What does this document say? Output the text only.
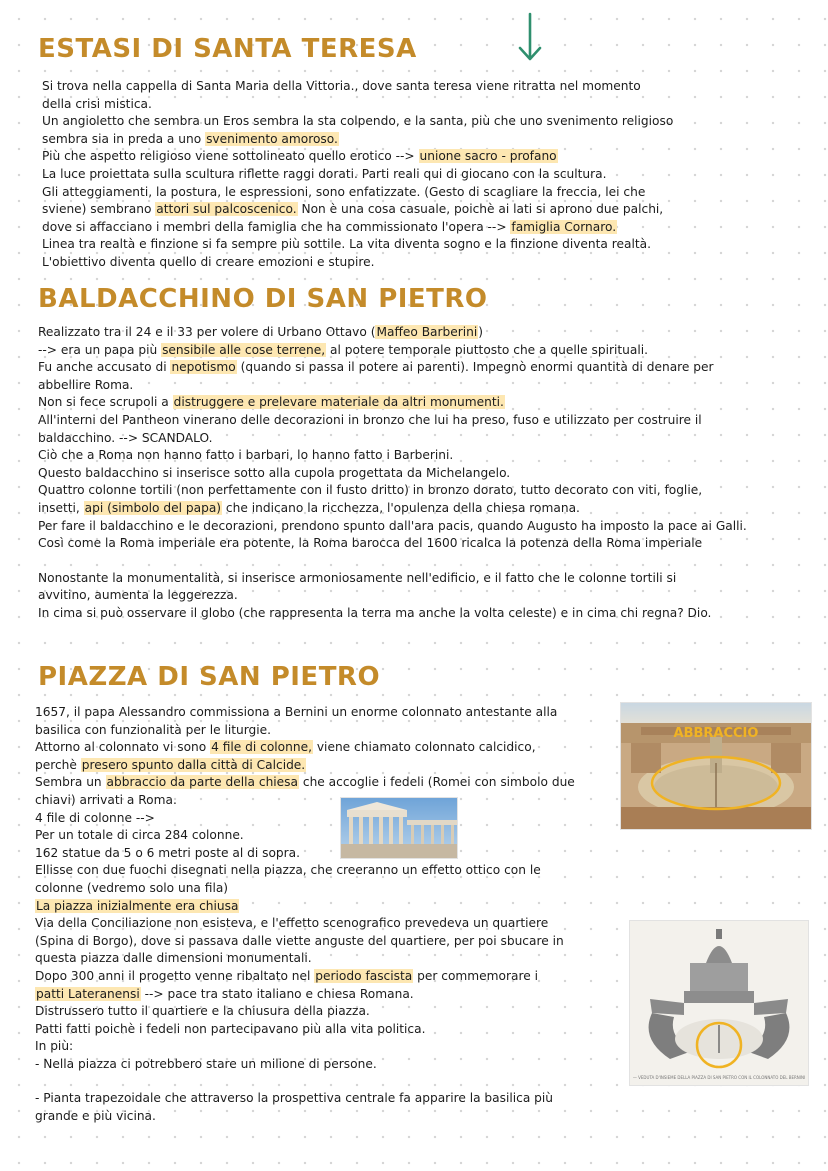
ESTASI DI SANTA TERESA

Si trova nella cappella di Santa Maria della Vittoria., dove santa teresa viene ritratta nel momento

della crisi mistica.

Un angioletto che sembra un Eros sembra la sta colpendo, e la santa, più che uno svenimento religioso

sembra sia in preda a uno svenimento amoroso.

Più che aspetto religioso viene sottolineato quello erotico --> unione sacro - profano

La luce proiettata sulla scultura riflette raggi dorati. Parti reali qui di giocano con la scultura.

Gli atteggiamenti, la postura, le espressioni, sono enfatizzate. (Gesto di scagliare la freccia, lei che

sviene) sembrano attori sul palcoscenico. Non è una cosa casuale, poichè ai lati si aprono due palchi,

dove si affacciano i membri della famiglia che ha commissionato l'opera --> famiglia Cornaro.

Linea tra realtà e finzione si fa sempre più sottile. La vita diventa sogno e la finzione diventa realtà.

L'obiettivo diventa quello di creare emozioni e stupire.

BALDACCHINO DI SAN PIETRO

Realizzato tra il 24 e il 33 per volere di Urbano Ottavo (Maffeo Barberini)

--> era un papa più sensibile alle cose terrene, al potere temporale piuttosto che a quelle spirituali.

Fu anche accusato di nepotismo (quando si passa il potere ai parenti). Impegnò enormi quantità di denare per

abbellire Roma.

Non si fece scrupoli a distruggere e prelevare materiale da altri monumenti.

All'interni del Pantheon vinerano delle decorazioni in bronzo che lui ha preso, fuso e utilizzato per costruire il

baldacchino. --> SCANDALO.

Ciò che a Roma non hanno fatto i barbari, lo hanno fatto i Barberini.

Questo baldacchino si inserisce sotto alla cupola progettata da Michelangelo.

Quattro colonne tortili (non perfettamente con il fusto dritto) in bronzo dorato, tutto decorato con viti, foglie,

insetti, api (simbolo del papa) che indicano la ricchezza, l'opulenza della chiesa romana.

Per fare il baldacchino e le decorazioni, prendono spunto dall'ara pacis, quando Augusto ha imposto la pace ai Galli.

Così come la Roma imperiale era potente, la Roma barocca del 1600 ricalca la potenza della Roma imperiale

Nonostante la monumentalità, si inserisce armoniosamente nell'edificio, e il fatto che le colonne tortili si

avvitino, aumenta la leggerezza.

In cima si può osservare il globo (che rappresenta la terra ma anche la volta celeste) e in cima chi regna? Dio.

PIAZZA DI SAN PIETRO

1657, il papa Alessandro commissiona a Bernini un enorme colonnato antestante alla

basilica con funzionalità per le liturgie.

Attorno al colonnato vi sono 4 file di colonne, viene chiamato colonnato calcidico,

perchè presero spunto dalla città di Calcide.

Sembra un abbraccio da parte della chiesa che accoglie i fedeli (Romei con simbolo due

chiavi) arrivati a Roma.

4 file di colonne -->

Per un totale di circa 284 colonne.

162 statue da 5 o 6 metri poste al di sopra.

Ellisse con due fuochi disegnati nella piazza, che creeranno un effetto ottico con le

colonne (vedremo solo una fila)

La piazza inizialmente era chiusa

Via della Conciliazione non esisteva, e l'effetto scenografico prevedeva un quartiere

(Spina di Borgo), dove si passava dalle viette anguste del quartiere, per poi sbucare in

questa piazza dalle dimensioni monumentali.

Dopo 300 anni il progetto venne ribaltato nel periodo fascista per commemorare i

patti Lateranensi --> pace tra stato italiano e chiesa Romana.

Distrussero tutto il quartiere e la chiusura della piazza.

Patti fatti poichè i fedeli non partecipavano più alla vita politica.

In più:

- Nella piazza ci potrebbero stare un milione di persone.

- Pianta trapezoidale che attraverso la prospettiva centrale fa apparire la basilica più

grande e più vicina.

ABBRACCIO
— VEDUTA D'INSIEME DELLA PIAZZA DI SAN PIETRO CON IL COLONNATO DEL BERNINI
